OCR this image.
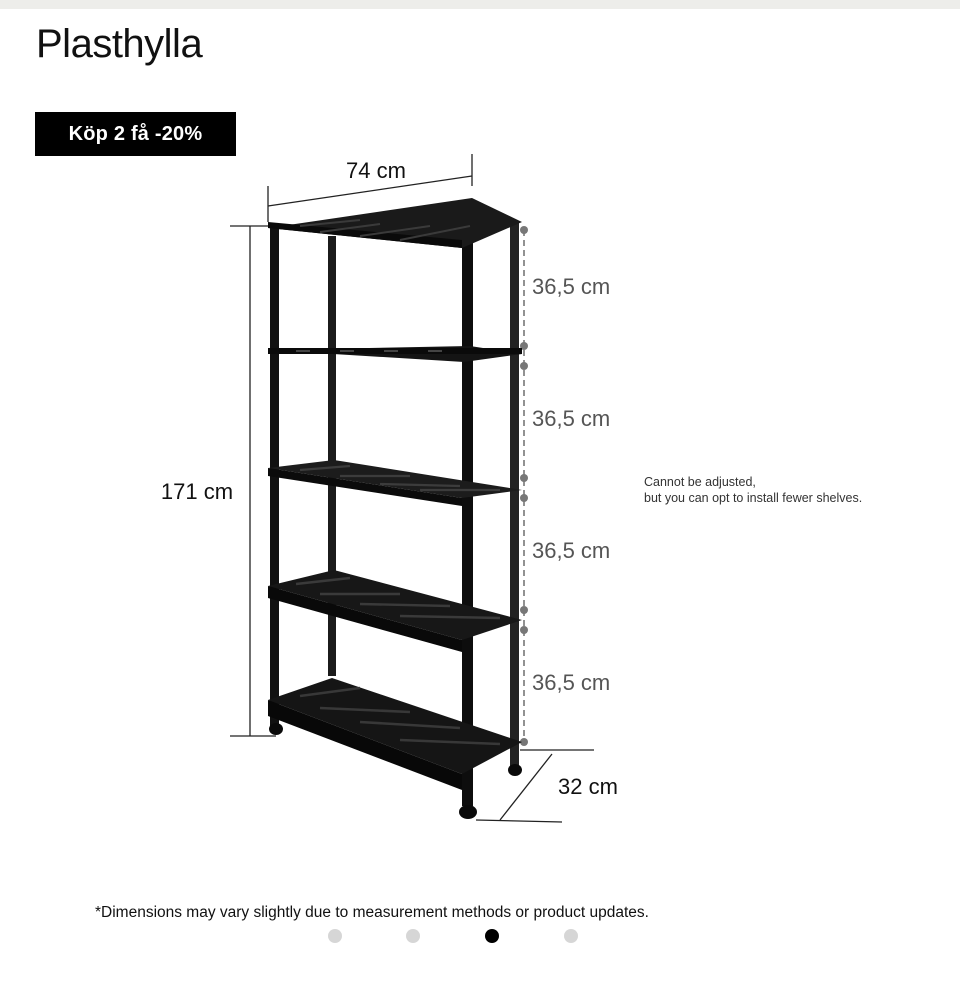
Plasthylla
Köp 2 få -20%
74 cm
171 cm
32 cm
36,5 cm
36,5 cm
36,5 cm
36,5 cm
Cannot be adjusted,
but you can opt to install fewer shelves.
*Dimensions may vary slightly due to measurement methods or product updates.
